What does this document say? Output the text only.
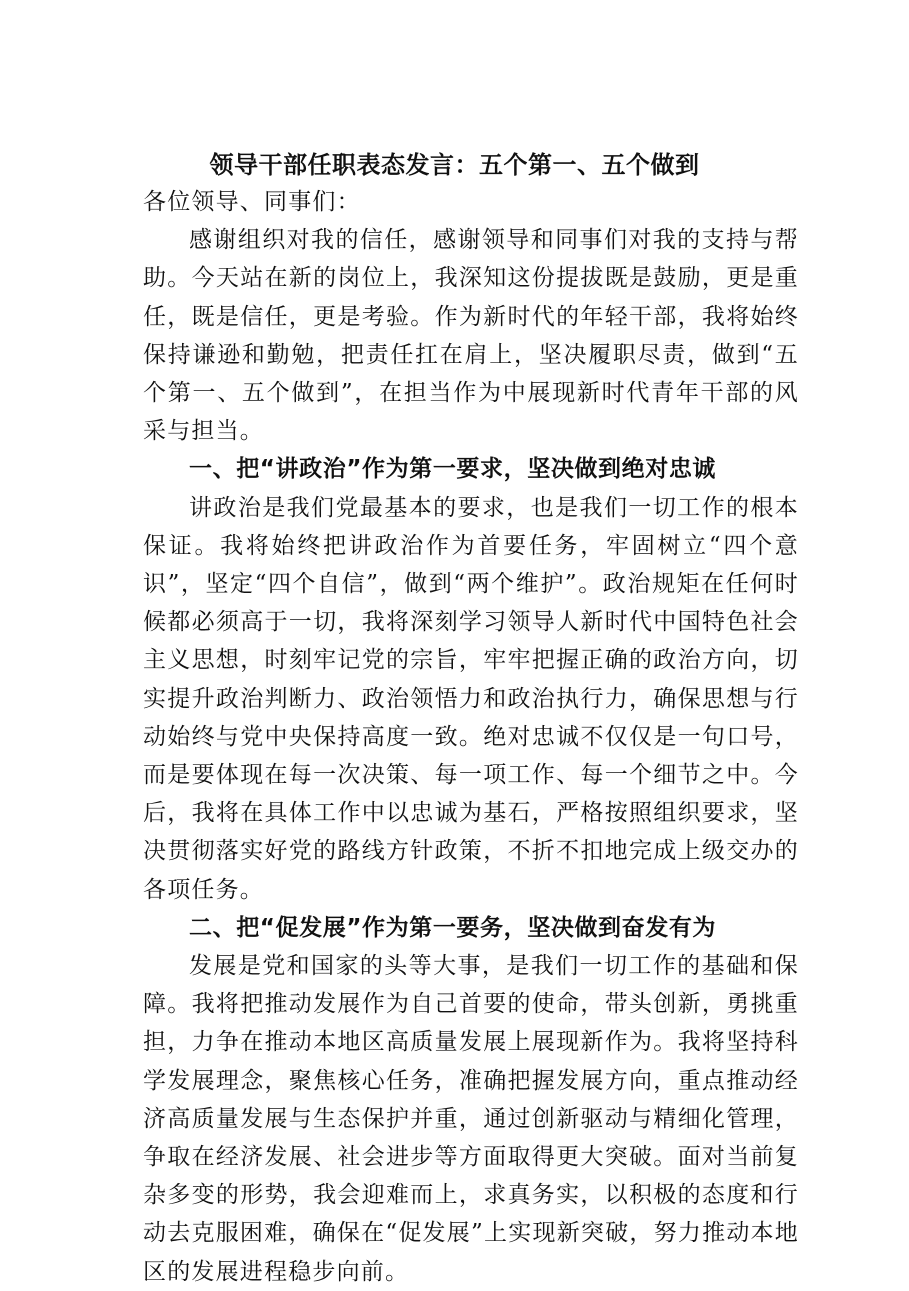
领导干部任职表态发言：五个第一、五个做到

各位领导、同事们：

感谢组织对我的信任，感谢领导和同事们对我的支持与帮助。今天站在新的岗位上，我深知这份提拔既是鼓励，更是重任，既是信任，更是考验。作为新时代的年轻干部，我将始终保持谦逊和勤勉，把责任扛在肩上，坚决履职尽责，做到“五个第一、五个做到”，在担当作为中展现新时代青年干部的风采与担当。

一、把“讲政治”作为第一要求，坚决做到绝对忠诚

讲政治是我们党最基本的要求，也是我们一切工作的根本保证。我将始终把讲政治作为首要任务，牢固树立“四个意识”，坚定“四个自信”，做到“两个维护”。政治规矩在任何时候都必须高于一切，我将深刻学习领导人新时代中国特色社会主义思想，时刻牢记党的宗旨，牢牢把握正确的政治方向，切实提升政治判断力、政治领悟力和政治执行力，确保思想与行动始终与党中央保持高度一致。绝对忠诚不仅仅是一句口号，而是要体现在每一次决策、每一项工作、每一个细节之中。今后，我将在具体工作中以忠诚为基石，严格按照组织要求，坚决贯彻落实好党的路线方针政策，不折不扣地完成上级交办的各项任务。

二、把“促发展”作为第一要务，坚决做到奋发有为

发展是党和国家的头等大事，是我们一切工作的基础和保障。我将把推动发展作为自己首要的使命，带头创新，勇挑重担，力争在推动本地区高质量发展上展现新作为。我将坚持科学发展理念，聚焦核心任务，准确把握发展方向，重点推动经济高质量发展与生态保护并重，通过创新驱动与精细化管理，争取在经济发展、社会进步等方面取得更大突破。面对当前复杂多变的形势，我会迎难而上，求真务实，以积极的态度和行动去克服困难，确保在“促发展”上实现新突破，努力推动本地区的发展进程稳步向前。
